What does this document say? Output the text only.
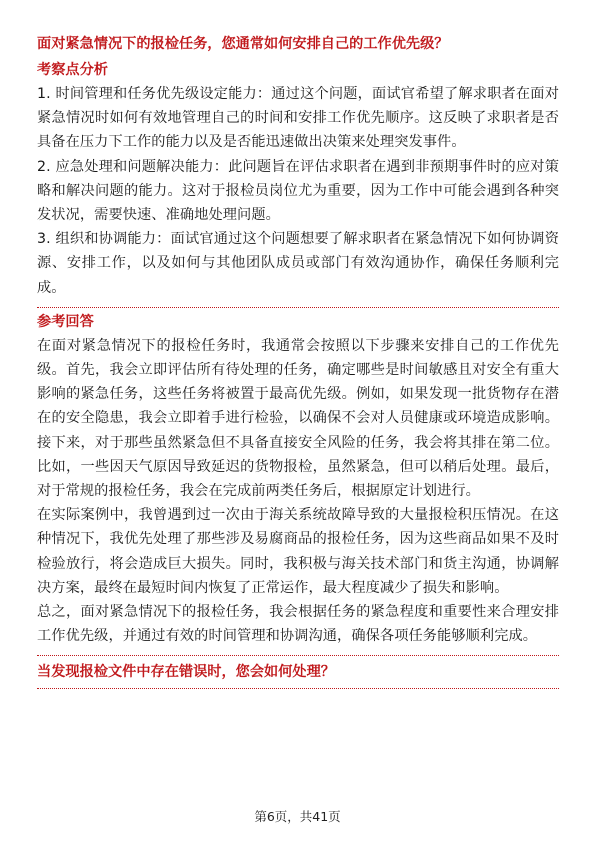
面对紧急情况下的报检任务，您通常如何安排自己的工作优先级？

考察点分析

1. 时间管理和任务优先级设定能力：通过这个问题，面试官希望了解求职者在面对紧急情况时如何有效地管理自己的时间和安排工作优先顺序。这反映了求职者是否具备在压力下工作的能力以及是否能迅速做出决策来处理突发事件。

2. 应急处理和问题解决能力：此问题旨在评估求职者在遇到非预期事件时的应对策略和解决问题的能力。这对于报检员岗位尤为重要，因为工作中可能会遇到各种突发状况，需要快速、准确地处理问题。

3. 组织和协调能力：面试官通过这个问题想要了解求职者在紧急情况下如何协调资源、安排工作，以及如何与其他团队成员或部门有效沟通协作，确保任务顺利完成。

参考回答

在面对紧急情况下的报检任务时，我通常会按照以下步骤来安排自己的工作优先级。首先，我会立即评估所有待处理的任务，确定哪些是时间敏感且对安全有重大影响的紧急任务，这些任务将被置于最高优先级。例如，如果发现一批货物存在潜在的安全隐患，我会立即着手进行检验，以确保不会对人员健康或环境造成影响。接下来，对于那些虽然紧急但不具备直接安全风险的任务，我会将其排在第二位。比如，一些因天气原因导致延迟的货物报检，虽然紧急，但可以稍后处理。最后，对于常规的报检任务，我会在完成前两类任务后，根据原定计划进行。

在实际案例中，我曾遇到过一次由于海关系统故障导致的大量报检积压情况。在这种情况下，我优先处理了那些涉及易腐商品的报检任务，因为这些商品如果不及时检验放行，将会造成巨大损失。同时，我积极与海关技术部门和货主沟通，协调解决方案，最终在最短时间内恢复了正常运作，最大程度减少了损失和影响。

总之，面对紧急情况下的报检任务，我会根据任务的紧急程度和重要性来合理安排工作优先级，并通过有效的时间管理和协调沟通，确保各项任务能够顺利完成。

当发现报检文件中存在错误时，您会如何处理？

第6页，共41页
